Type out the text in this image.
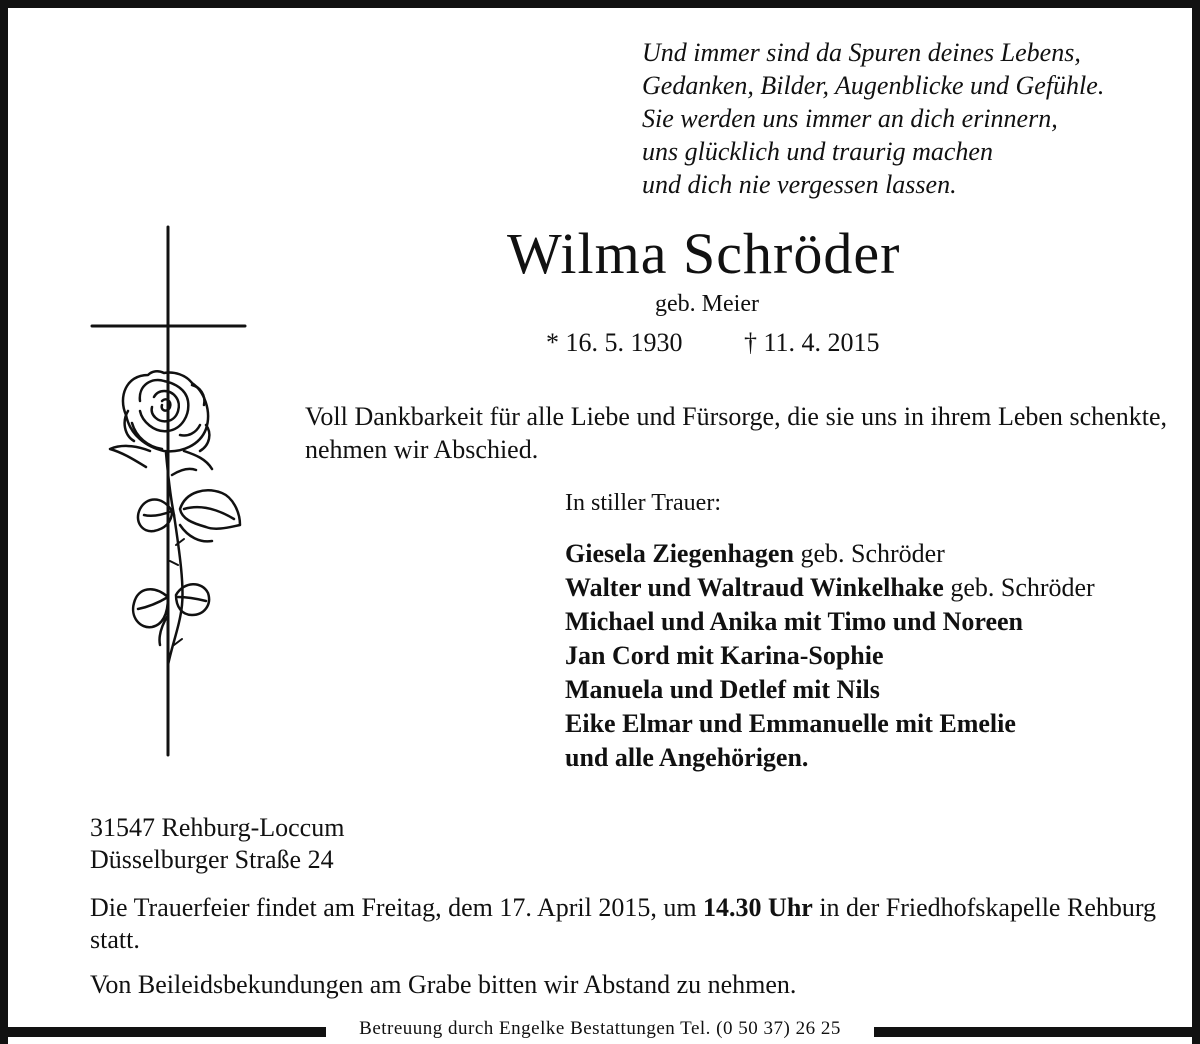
Und immer sind da Spuren deines Lebens,
Gedanken, Bilder, Augenblicke und Gefühle.
Sie werden uns immer an dich erinnern,
uns glücklich und traurig machen
und dich nie vergessen lassen.
Wilma Schröder
geb. Meier
* 16. 5. 1930 † 11. 4. 2015
Voll Dankbarkeit für alle Liebe und Fürsorge, die sie uns in ihrem Leben schenkte, nehmen wir Abschied.
In stiller Trauer:
Giesela Ziegenhagen geb. Schröder
Walter und Waltraud Winkelhake geb. Schröder
Michael und Anika mit Timo und Noreen
Jan Cord mit Karina-Sophie
Manuela und Detlef mit Nils
Eike Elmar und Emmanuelle mit Emelie
und alle Angehörigen.
31547 Rehburg-Loccum
Düsselburger Straße 24
Die Trauerfeier findet am Freitag, dem 17. April 2015, um 14.30 Uhr in der Friedhofskapelle Rehburg statt.
Von Beileidsbekundungen am Grabe bitten wir Abstand zu nehmen.
Betreuung durch Engelke Bestattungen Tel. (0 50 37) 26 25
